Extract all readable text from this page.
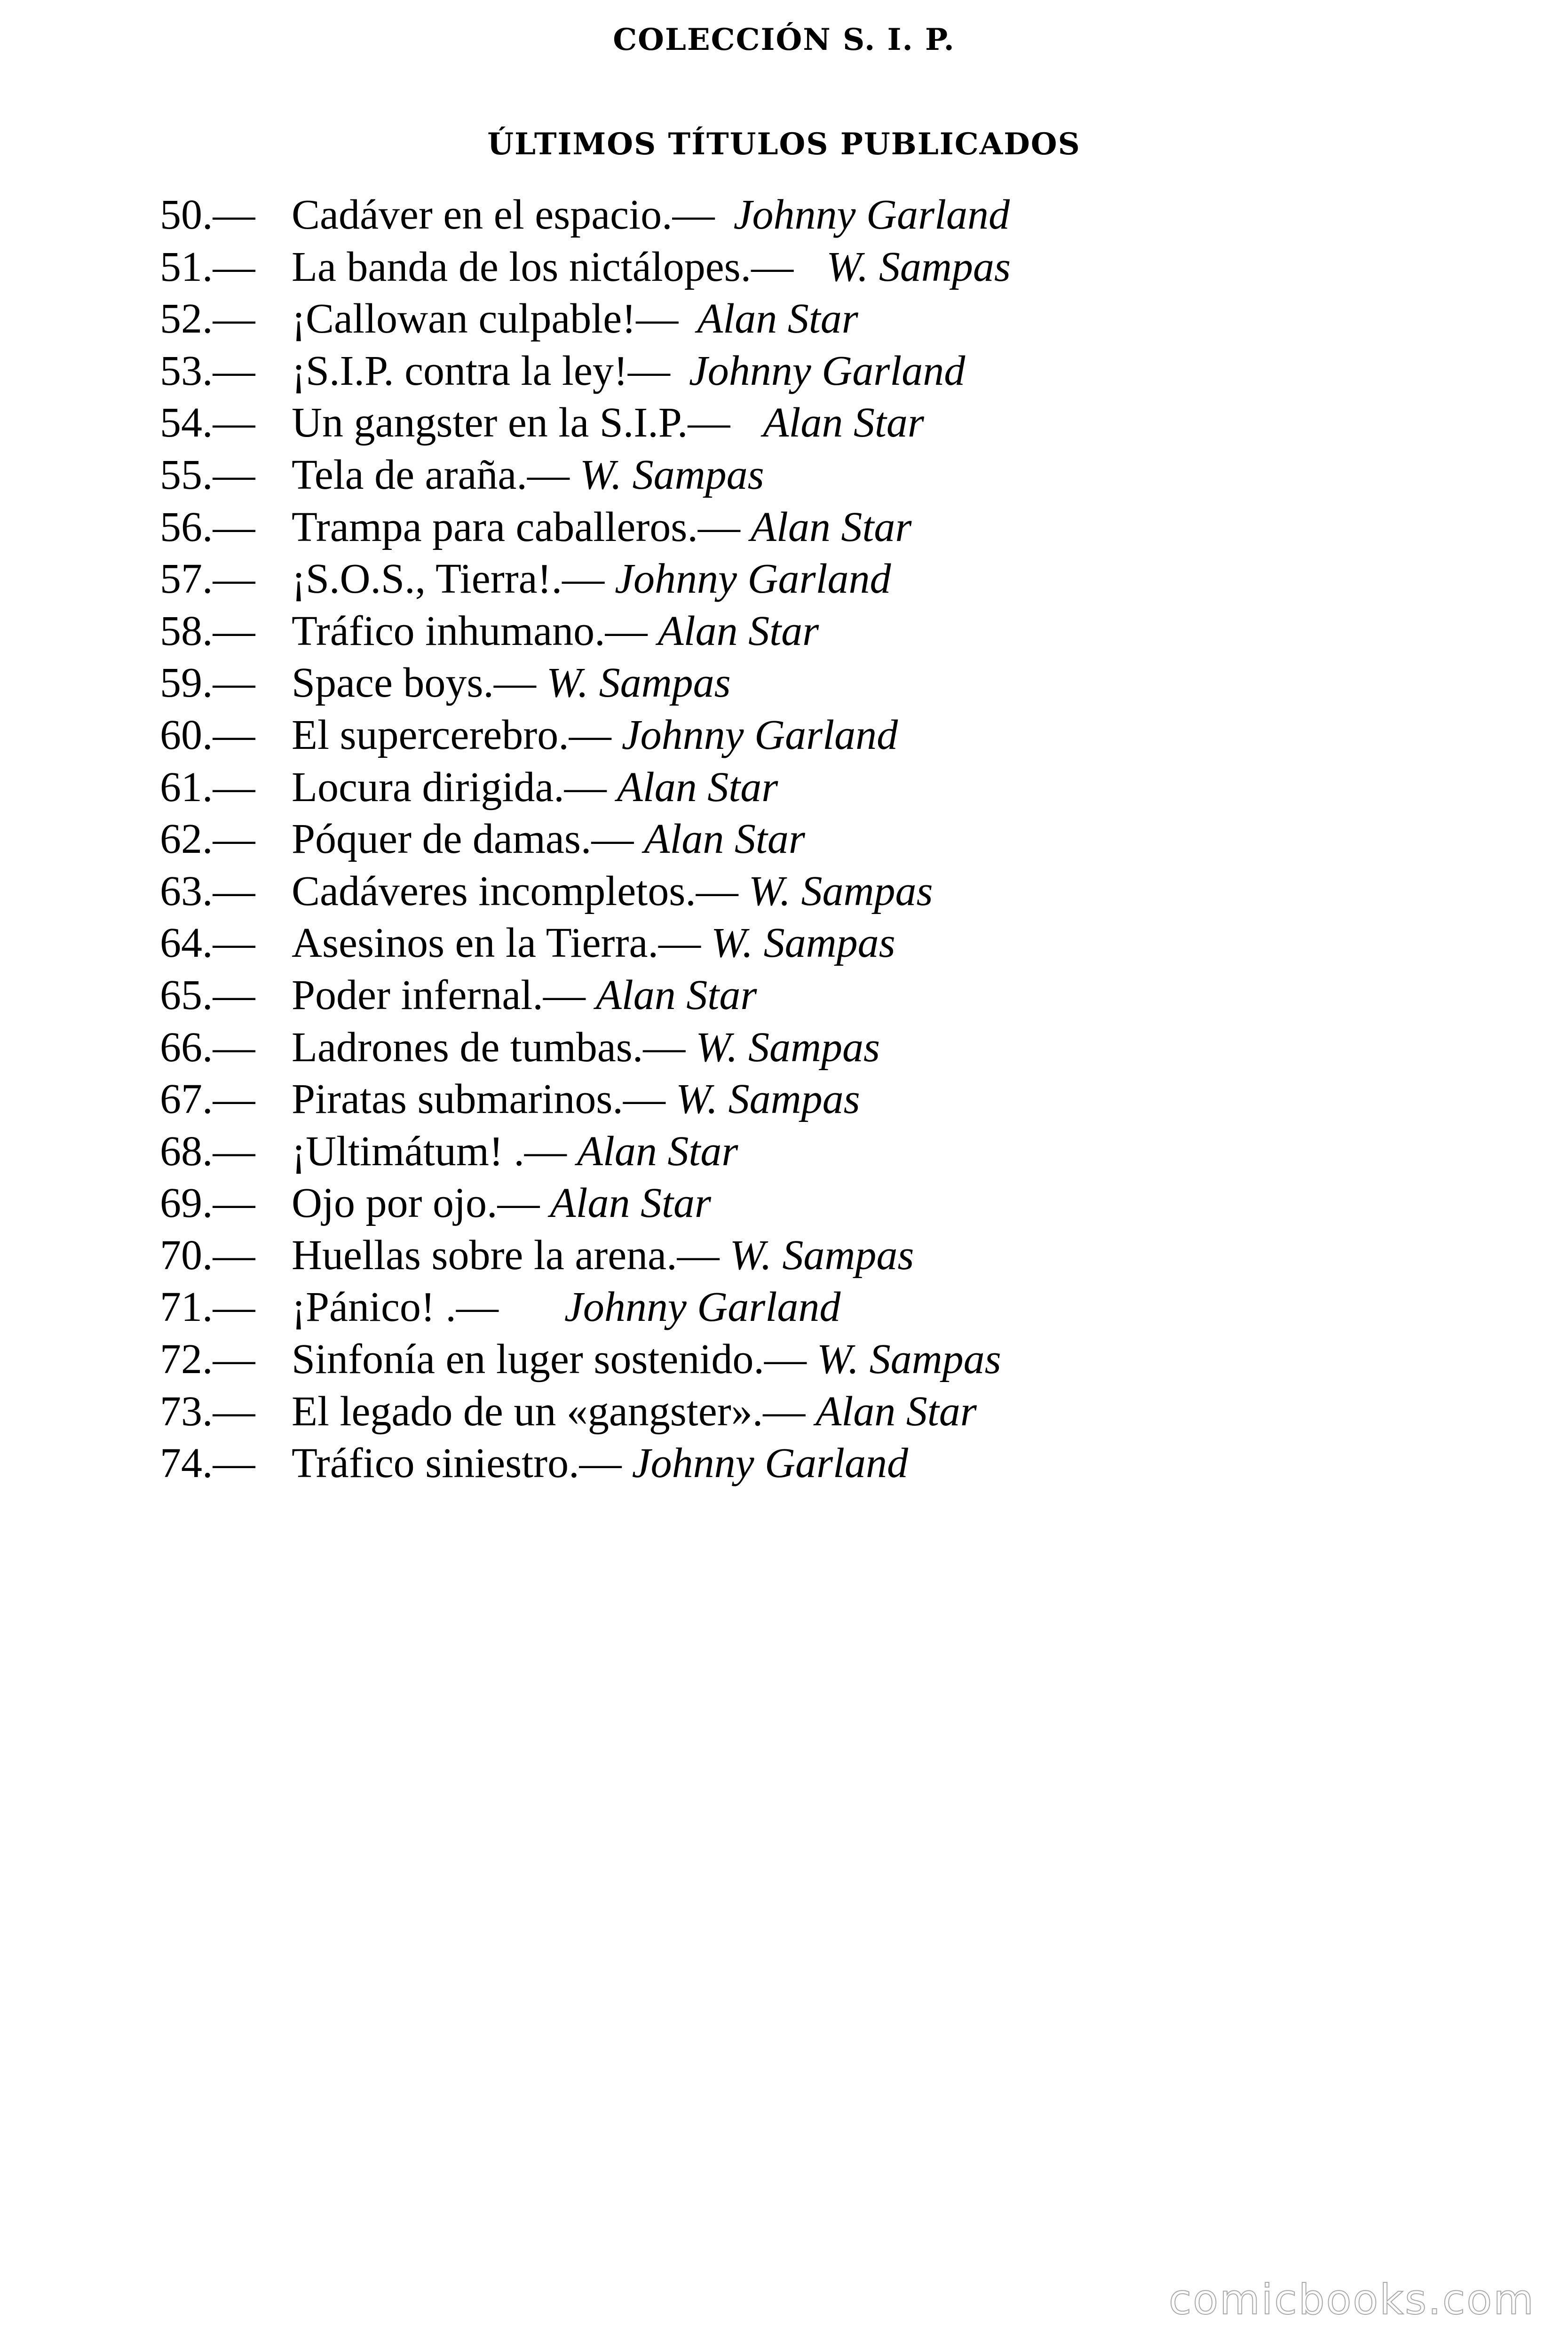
COLECCIÓN S. I. P.
ÚLTIMOS TÍTULOS PUBLICADOS
50.— Cadáver en el espacio.— Johnny Garland
51.— La banda de los nictálopes.— W. Sampas
52.— ¡Callowan culpable!— Alan Star
53.— ¡S.I.P. contra la ley!— Johnny Garland
54.— Un gangster en la S.I.P.— Alan Star
55.— Tela de araña.— W. Sampas
56.— Trampa para caballeros.— Alan Star
57.— ¡S.O.S., Tierra!.— Johnny Garland
58.— Tráfico inhumano.— Alan Star
59.— Space boys.— W. Sampas
60.— El supercerebro.— Johnny Garland
61.— Locura dirigida.— Alan Star
62.— Póquer de damas.— Alan Star
63.— Cadáveres incompletos.— W. Sampas
64.— Asesinos en la Tierra.— W. Sampas
65.— Poder infernal.— Alan Star
66.— Ladrones de tumbas.— W. Sampas
67.— Piratas submarinos.— W. Sampas
68.— ¡Ultimátum! .— Alan Star
69.— Ojo por ojo.— Alan Star
70.— Huellas sobre la arena.— W. Sampas
71.— ¡Pánico! .— Johnny Garland
72.— Sinfonía en luger sostenido.— W. Sampas
73.— El legado de un «gangster».— Alan Star
74.— Tráfico siniestro.— Johnny Garland
comicbooks.com
